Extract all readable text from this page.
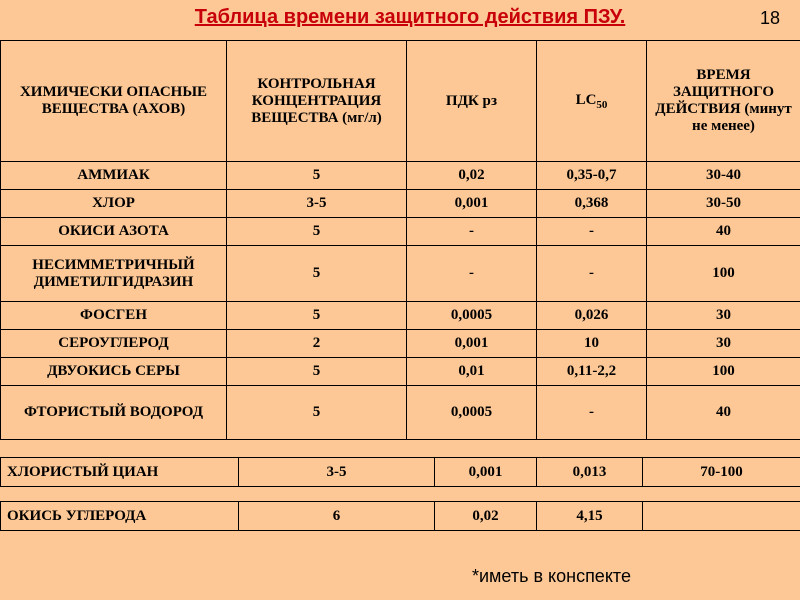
Таблица времени защитного действия ПЗУ.	18
ХИМИЧЕСКИ ОПАСНЫЕ ВЕЩЕСТВА (АХОВ)	КОНТРОЛЬНАЯ КОНЦЕНТРАЦИЯ ВЕЩЕСТВА (мг/л)	ПДК рз	$LC_{50}$	ВРЕМЯ ЗАЩИТНОГО ДЕЙСТВИЯ (минут не менее)
АММИАК	5	0,02	0,35-0,7	30-40
ХЛОР	3-5	0,001	0,368	30-50
ОКИСИ АЗОТА	5	-	-	40
НЕСИММЕТРИЧНЫЙ ДИМЕТИЛГИДРАЗИН	5	-	-	100
ФОСГЕН	5	0,0005	0,026	30
СЕРОУГЛЕРОД	2	0,001	10	30
ДВУОКИСЬ СЕРЫ	5	0,01	0,11-2,2	100
ФТОРИСТЫЙ ВОДОРОД	5	0,0005	-	40
ХЛОРИСТЫЙ ЦИАН	3-5	0,001	0,013	70-100
ОКИСЬ УГЛЕРОДА	6	0,02	4,15	
*иметь в конспекте
